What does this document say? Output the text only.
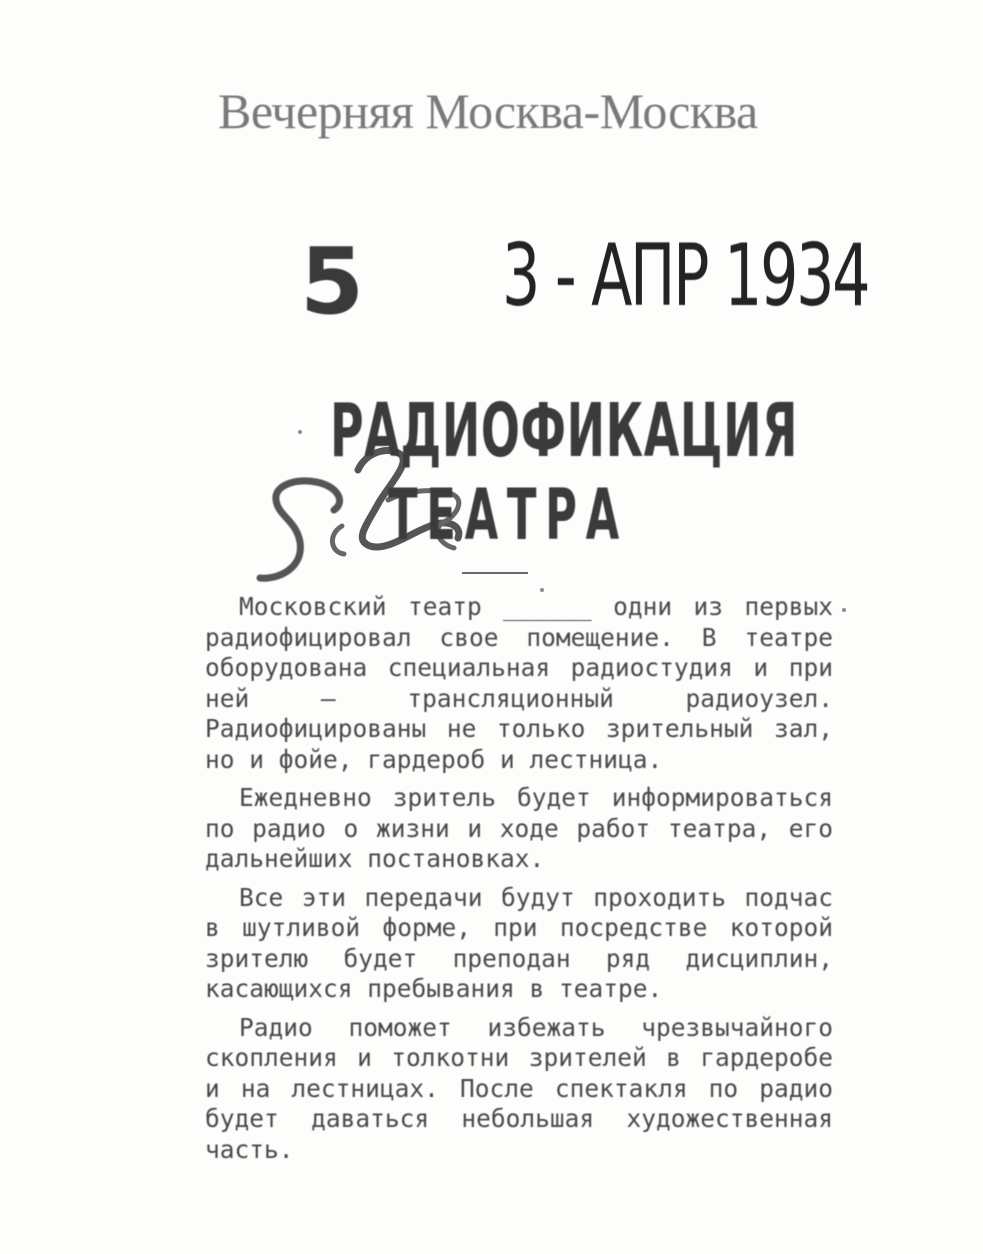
Вечерняя Москва-Москва
5 3 - АПР 1934
РАДИОФИКАЦИЯ
ТЕАТРА

Московский театр ______ одни из первых радиофицировал свое помещение. В театре оборудована специальная радиостудия и при ней — трансляционный радиоузел. Радиофицированы не только зрительный зал, но и фойе, гардероб и лестница.

Ежедневно зритель будет информироваться по радио о жизни и ходе работ театра, его дальнейших постановках.

Все эти передачи будут проходить подчас в шутливой форме, при посредстве которой зрителю будет преподан ряд дисциплин, касающихся пребывания в театре.

Радио поможет избежать чрезвычайного скопления и толкотни зрителей в гардеробе и на лестницах. После спектакля по радио будет даваться небольшая художественная часть.
